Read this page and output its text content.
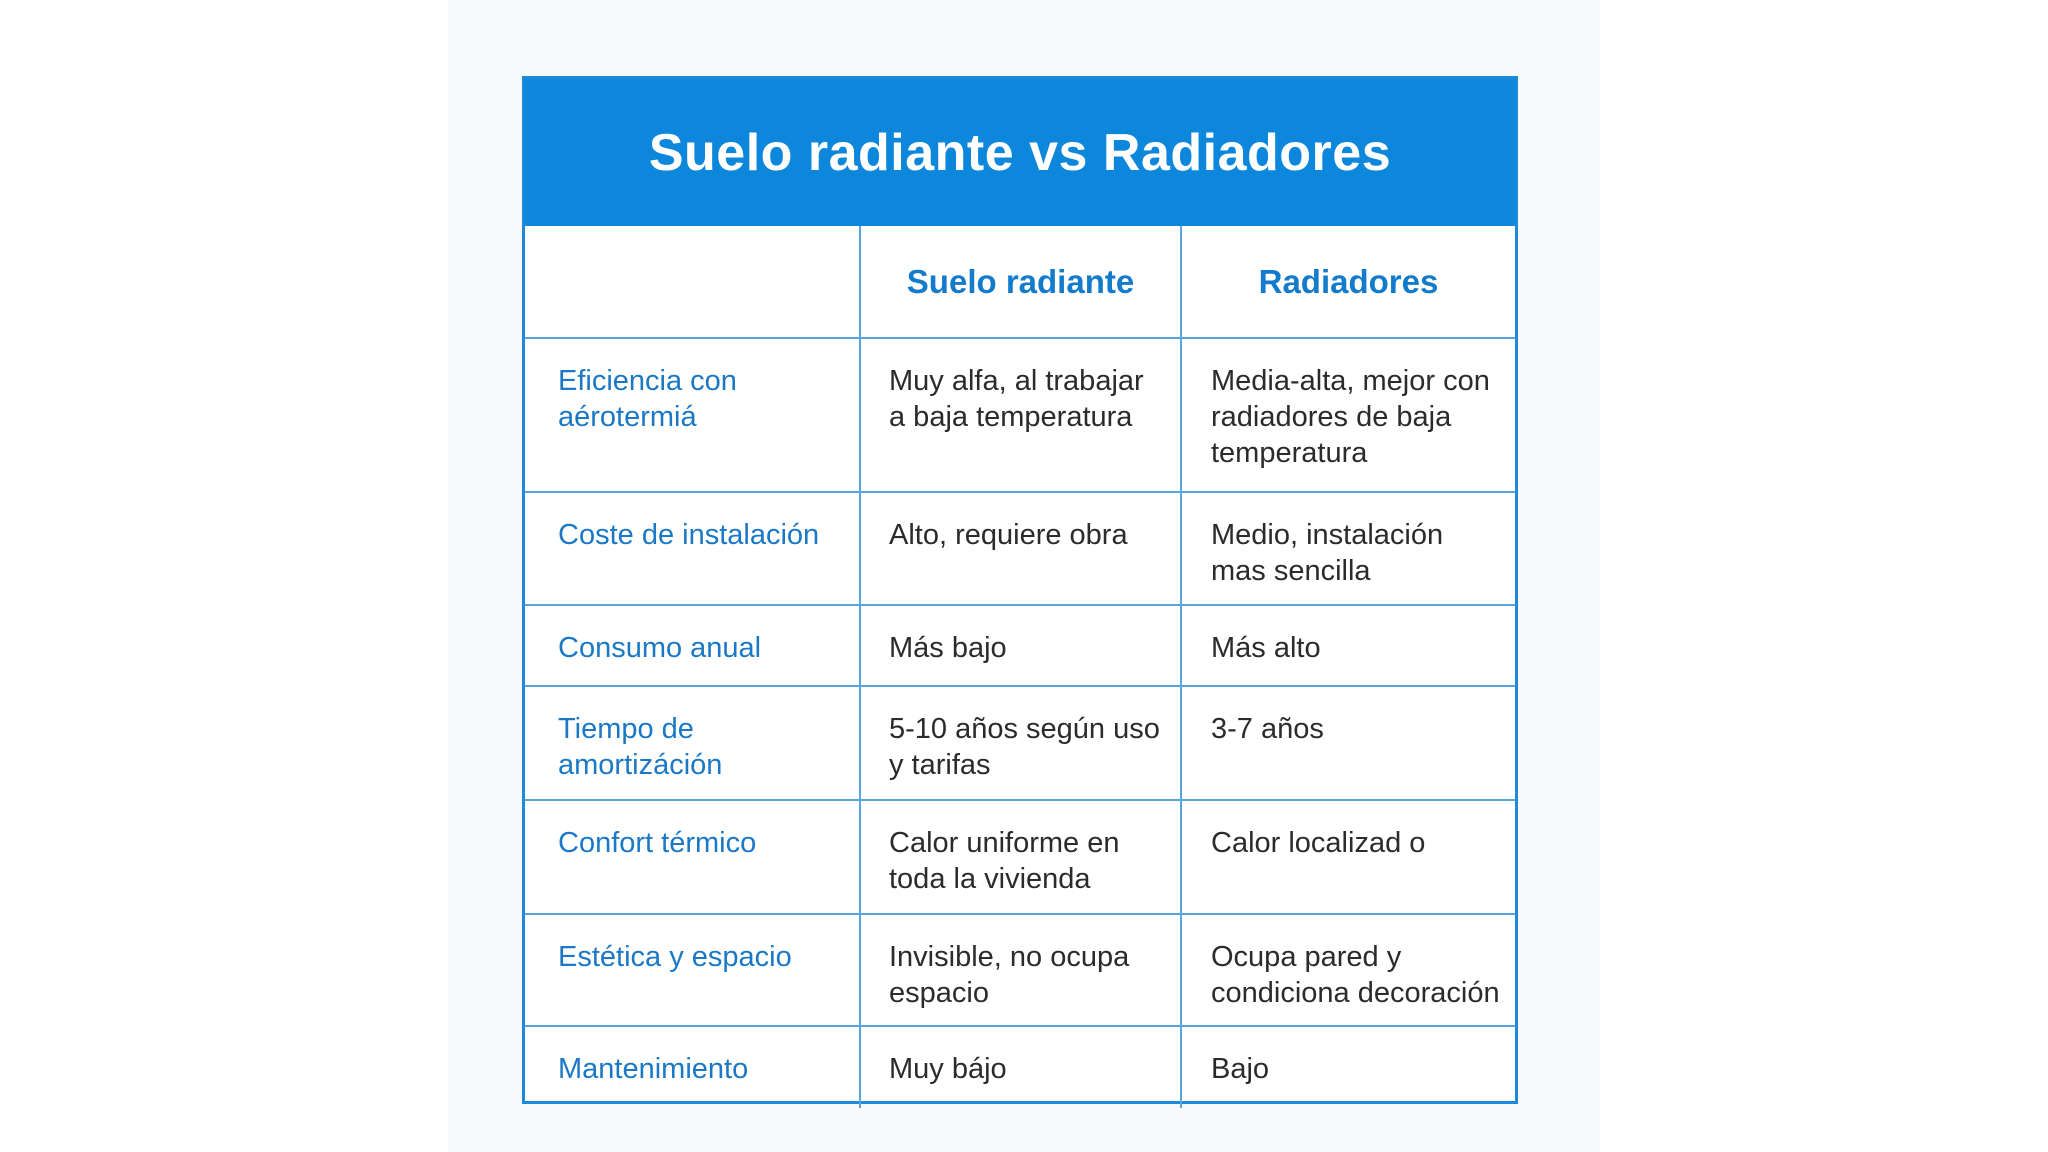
Suelo radiante vs Radiadores
	Suelo radiante	Radiadores
Eficiencia con aérotermiá	Muy alfa, al trabajar a baja temperatura	Media-alta, mejor con radiadores de baja temperatura
Coste de instalación	Alto, requiere obra	Medio, instalación mas sencilla
Consumo anual	Más bajo	Más alto
Tiempo de amortizáción	5-10 años según uso y tarifas	3-7 años
Confort térmico	Calor uniforme en toda la vivienda	Calor localizad o
Estética y espacio	Invisible, no ocupa espacio	Ocupa pared y condiciona decoración
Mantenimiento	Muy bájo	Bajo
